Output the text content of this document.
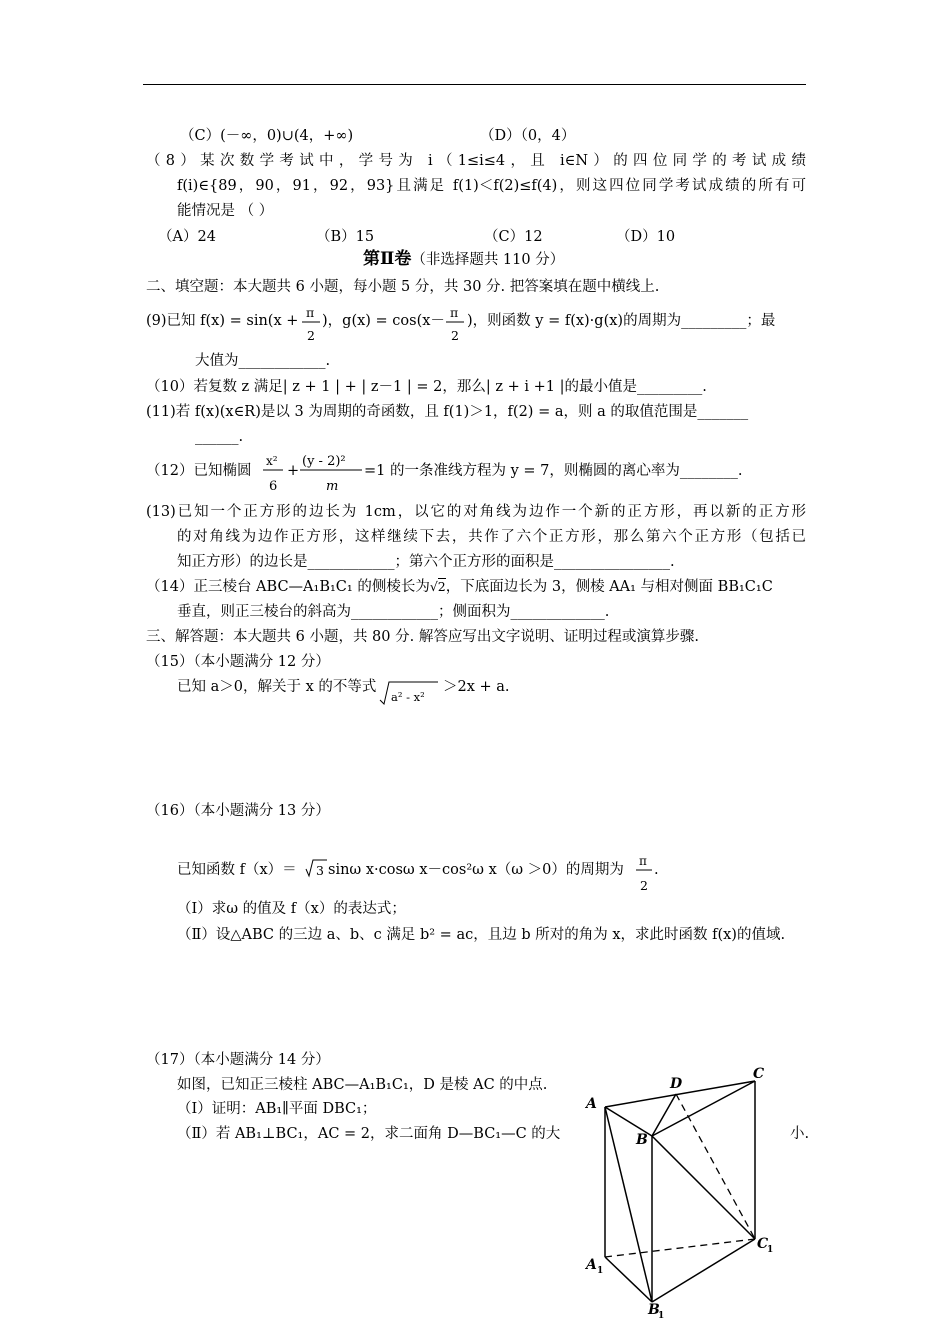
（C）(－∞，0)∪(4，+∞)	（D）（0，4）
（8）某次数学考试中，学号为 i（1≤i≤4，且 i∈N）的四位同学的考试成绩
f(i)∈{89，90，91，92，93}且满足 f(1)＜f(2)≤f(4)，则这四位同学考试成绩的所有可
能情况是 （ ）
（A）24	（B）15	（C）12	（D）10
第Ⅱ卷（非选择题共 110 分）
二、填空题：本大题共 6 小题，每小题 5 分，共 30 分. 把答案填在题中横线上.
(9)已知 f(x) = sin(x +
π
2
)，g(x) = cos(x－
π
2
)，则函数 y = f(x)·g(x)的周期为_________；最
大值为____________.
（10）若复数 z 满足| z + 1 | + | z－1 | = 2，那么| z + i +1 |的最小值是_________.
(11)若 f(x)(x∈R)是以 3 为周期的奇函数，且 f(1)＞1，f(2) = a，则 a 的取值范围是_______
______.
（12）已知椭圆
x²
6
+
(y - 2)²
m
=1 的一条准线方程为 y = 7，则椭圆的离心率为________.
(13)已知一个正方形的边长为 1cm，以它的对角线为边作一个新的正方形，再以新的正方形
的对角线为边作正方形，这样继续下去，共作了六个正方形，那么第六个正方形（包括已
知正方形）的边长是____________；第六个正方形的面积是________________.
（14）正三棱台 ABC—A₁B₁C₁ 的侧棱长为√2，下底面边长为 3，侧棱 AA₁ 与相对侧面 BB₁C₁C
垂直，则正三棱台的斜高为____________；侧面积为_____________.
三、解答题：本大题共 6 小题，共 80 分. 解答应写出文字说明、证明过程或演算步骤.
（15）（本小题满分 12 分）
已知 a＞0，解关于 x 的不等式
a² - x²
＞2x + a.
（16）（本小题满分 13 分）
已知函数 f（x）＝ 3 sinω x·cosω x－cos²ω x（ω ＞0）的周期为
π
2
.
（Ⅰ）求ω 的值及 f（x）的表达式；
（Ⅱ）设△ABC 的三边 a、b、c 满足 b² = ac，且边 b 所对的角为 x，求此时函数 f(x)的值域.
（17）（本小题满分 14 分）
如图，已知正三棱柱 ABC—A₁B₁C₁，D 是棱 AC 的中点.
（Ⅰ）证明：AB₁∥平面 DBC₁；
（Ⅱ）若 AB₁⊥BC₁，AC = 2，求二面角 D—BC₁—C 的大	小.
A
B
C
D
A
B
C
1
1
1
